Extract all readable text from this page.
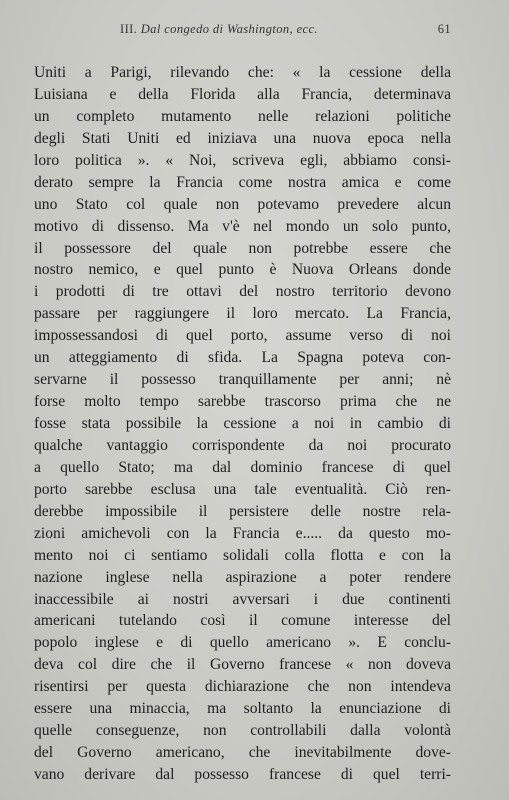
III. Dal congedo di Washington, ecc.	61
Uniti a Parigi, rilevando che: « la cessione della
Luisiana e della Florida alla Francia, determinava
un completo mutamento nelle relazioni politiche
degli Stati Uniti ed iniziava una nuova epoca nella
loro politica ». « Noi, scriveva egli, abbiamo consi-
derato sempre la Francia come nostra amica e come
uno Stato col quale non potevamo prevedere alcun
motivo di dissenso. Ma v'è nel mondo un solo punto,
il possessore del quale non potrebbe essere che
nostro nemico, e quel punto è Nuova Orleans donde
i prodotti di tre ottavi del nostro territorio devono
passare per raggiungere il loro mercato. La Francia,
impossessandosi di quel porto, assume verso di noi
un atteggiamento di sfida. La Spagna poteva con-
servarne il possesso tranquillamente per anni; nè
forse molto tempo sarebbe trascorso prima che ne
fosse stata possibile la cessione a noi in cambio di
qualche vantaggio corrispondente da noi procurato
a quello Stato; ma dal dominio francese di quel
porto sarebbe esclusa una tale eventualità. Ciò ren-
derebbe impossibile il persistere delle nostre rela-
zioni amichevoli con la Francia e..... da questo mo-
mento noi ci sentiamo solidali colla flotta e con la
nazione inglese nella aspirazione a poter rendere
inaccessibile ai nostri avversari i due continenti
americani tutelando così il comune interesse del
popolo inglese e di quello americano ». E conclu-
deva col dire che il Governo francese « non doveva
risentirsi per questa dichiarazione che non intendeva
essere una minaccia, ma soltanto la enunciazione di
quelle conseguenze, non controllabili dalla volontà
del Governo americano, che inevitabilmente dove-
vano derivare dal possesso francese di quel terri-
